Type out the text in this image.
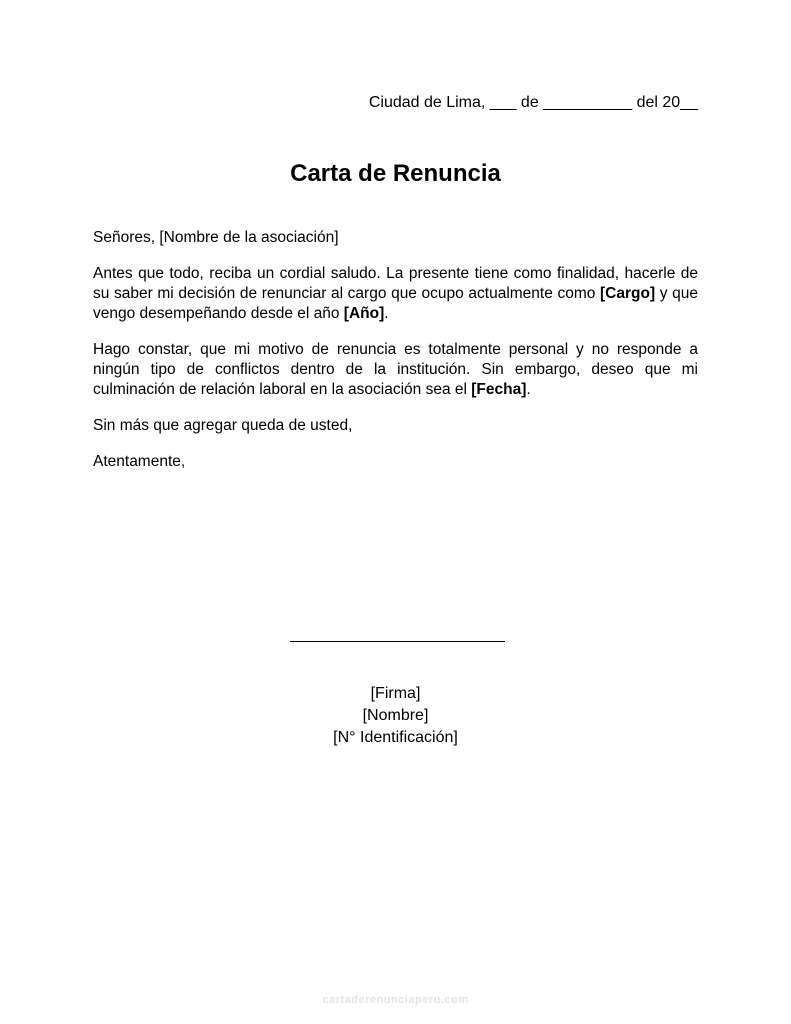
Ciudad de Lima, ___ de __________ del 20__
Carta de Renuncia

Señores, [Nombre de la asociación]

Antes que todo, reciba un cordial saludo. La presente tiene como finalidad, hacerle de su saber mi decisión de renunciar al cargo que ocupo actualmente como [Cargo] y que vengo desempeñando desde el año [Año].

Hago constar, que mi motivo de renuncia es totalmente personal y no responde a ningún tipo de conflictos dentro de la institución. Sin embargo, deseo que mi culminación de relación laboral en la asociación sea el [Fecha].

Sin más que agregar queda de usted,

Atentamente,

[Firma]
[Nombre]
[N° Identificación]
cartaderenunciaperu.com
